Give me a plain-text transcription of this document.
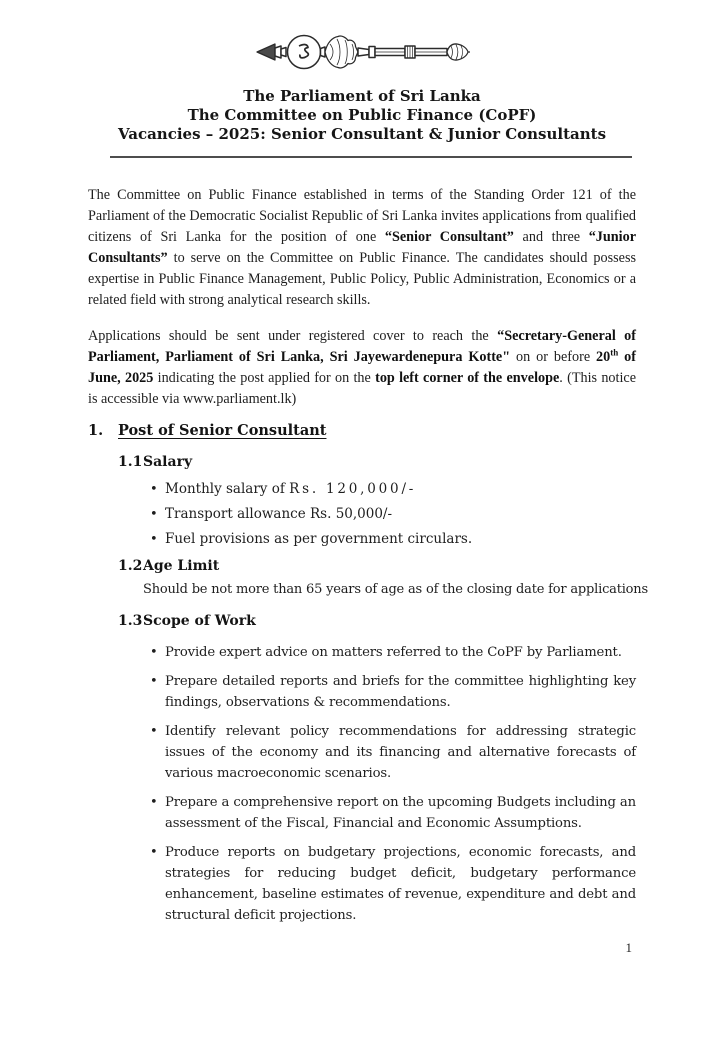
The Parliament of Sri Lanka
The Committee on Public Finance (CoPF)
Vacancies – 2025: Senior Consultant & Junior Consultants

The Committee on Public Finance established in terms of the Standing Order 121 of the Parliament of the Democratic Socialist Republic of Sri Lanka invites applications from qualified citizens of Sri Lanka for the position of one “Senior Consultant” and three “Junior Consultants” to serve on the Committee on Public Finance. The candidates should possess expertise in Public Finance Management, Public Policy, Public Administration, Economics or a related field with strong analytical research skills.

Applications should be sent under registered cover to reach the “Secretary-General of Parliament, Parliament of Sri Lanka, Sri Jayewardenepura Kotte" on or before 20th of June, 2025 indicating the post applied for on the top left corner of the envelope. (This notice is accessible via www.parliament.lk)

1.	Post of Senior Consultant
1.1 Salary
• Monthly salary of Rs. 120,000/-
• Transport allowance Rs. 50,000/-
• Fuel provisions as per government circulars.
1.2 Age Limit
Should be not more than 65 years of age as of the closing date for applications
1.3 Scope of Work
• Provide expert advice on matters referred to the CoPF by Parliament.
• Prepare detailed reports and briefs for the committee highlighting key findings, observations & recommendations.
• Identify relevant policy recommendations for addressing strategic issues of the economy and its financing and alternative forecasts of various macroeconomic scenarios.
• Prepare a comprehensive report on the upcoming Budgets including an assessment of the Fiscal, Financial and Economic Assumptions.
• Produce reports on budgetary projections, economic forecasts, and strategies for reducing budget deficit, budgetary performance enhancement, baseline estimates of revenue, expenditure and debt and structural deficit projections.
1
